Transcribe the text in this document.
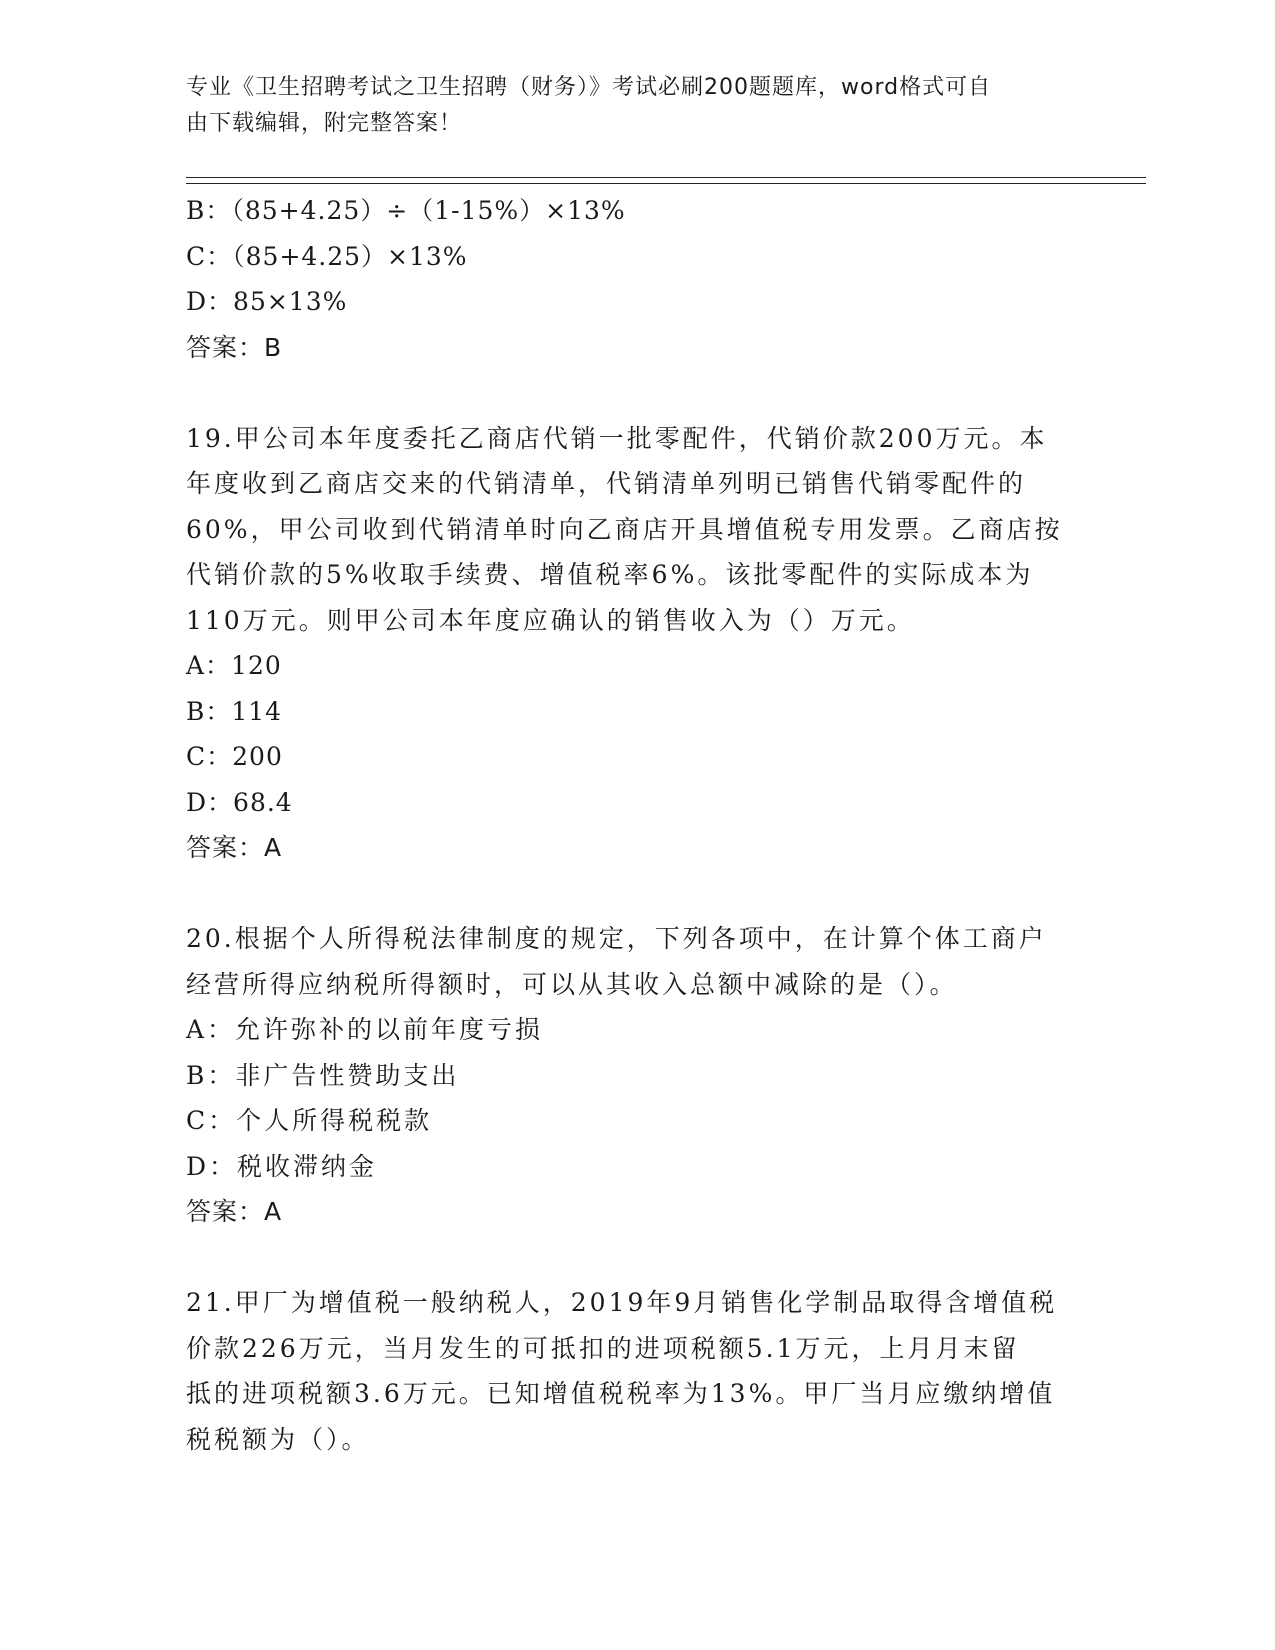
专业《卫生招聘考试之卫生招聘（财务）》考试必刷200题题库，word格式可自
由下载编辑，附完整答案！
B：（85+4.25）÷（1-15%）×13%
C：（85+4.25）×13%
D：85×13%
答案：B
19.甲公司本年度委托乙商店代销一批零配件，代销价款200万元。本
年度收到乙商店交来的代销清单，代销清单列明已销售代销零配件的
60%，甲公司收到代销清单时向乙商店开具增值税专用发票。乙商店按
代销价款的5%收取手续费、增值税率6%。该批零配件的实际成本为
110万元。则甲公司本年度应确认的销售收入为（）万元。
A：120
B：114
C：200
D：68.4
答案：A
20.根据个人所得税法律制度的规定，下列各项中，在计算个体工商户
经营所得应纳税所得额时，可以从其收入总额中减除的是（）。
A：允许弥补的以前年度亏损
B：非广告性赞助支出
C：个人所得税税款
D：税收滞纳金
答案：A
21.甲厂为增值税一般纳税人，2019年9月销售化学制品取得含增值税
价款226万元，当月发生的可抵扣的进项税额5.1万元，上月月末留
抵的进项税额3.6万元。已知增值税税率为13%。甲厂当月应缴纳增值
税税额为（）。
